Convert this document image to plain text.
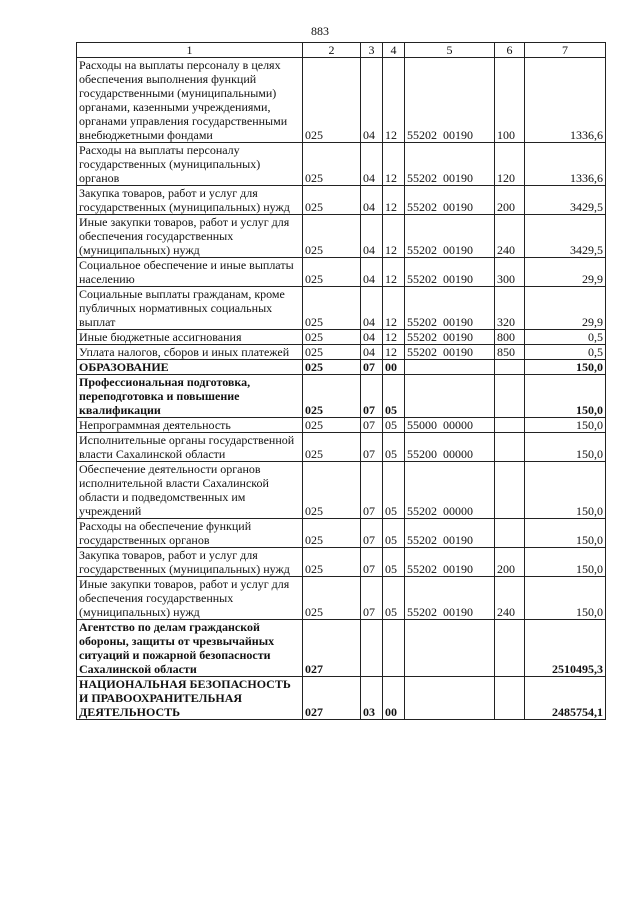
883
1	2	3	4	5	6	7
Расходы на выплаты персоналу в целях обеспечения выполнения функций государственными (муниципальными) органами, казенными учреждениями, органами управления государственными внебюджетными фондами	025	04	12	55202  00190	100	1336,6
Расходы на выплаты персоналу государственных (муниципальных) органов	025	04	12	55202  00190	120	1336,6
Закупка товаров, работ и услуг для государственных (муниципальных) нужд	025	04	12	55202  00190	200	3429,5
Иные закупки товаров, работ и услуг для обеспечения государственных (муниципальных) нужд	025	04	12	55202  00190	240	3429,5
Социальное обеспечение и иные выплаты населению	025	04	12	55202  00190	300	29,9
Социальные выплаты гражданам, кроме публичных нормативных социальных выплат	025	04	12	55202  00190	320	29,9
Иные бюджетные ассигнования	025	04	12	55202  00190	800	0,5
Уплата налогов, сборов и иных платежей	025	04	12	55202  00190	850	0,5
ОБРАЗОВАНИЕ	025	07	00			150,0
Профессиональная подготовка, переподготовка и повышение квалификации	025	07	05			150,0
Непрограммная деятельность	025	07	05	55000  00000		150,0
Исполнительные органы государственной власти Сахалинской области	025	07	05	55200  00000		150,0
Обеспечение деятельности органов исполнительной власти Сахалинской области и подведомственных им учреждений	025	07	05	55202  00000		150,0
Расходы на обеспечение функций государственных органов	025	07	05	55202  00190		150,0
Закупка товаров, работ и услуг для государственных (муниципальных) нужд	025	07	05	55202  00190	200	150,0
Иные закупки товаров, работ и услуг для обеспечения государственных (муниципальных) нужд	025	07	05	55202  00190	240	150,0
Агентство по делам гражданской обороны, защиты от чрезвычайных ситуаций и пожарной безопасности Сахалинской области	027					2510495,3
НАЦИОНАЛЬНАЯ БЕЗОПАСНОСТЬ И ПРАВООХРАНИТЕЛЬНАЯ ДЕЯТЕЛЬНОСТЬ	027	03	00			2485754,1
